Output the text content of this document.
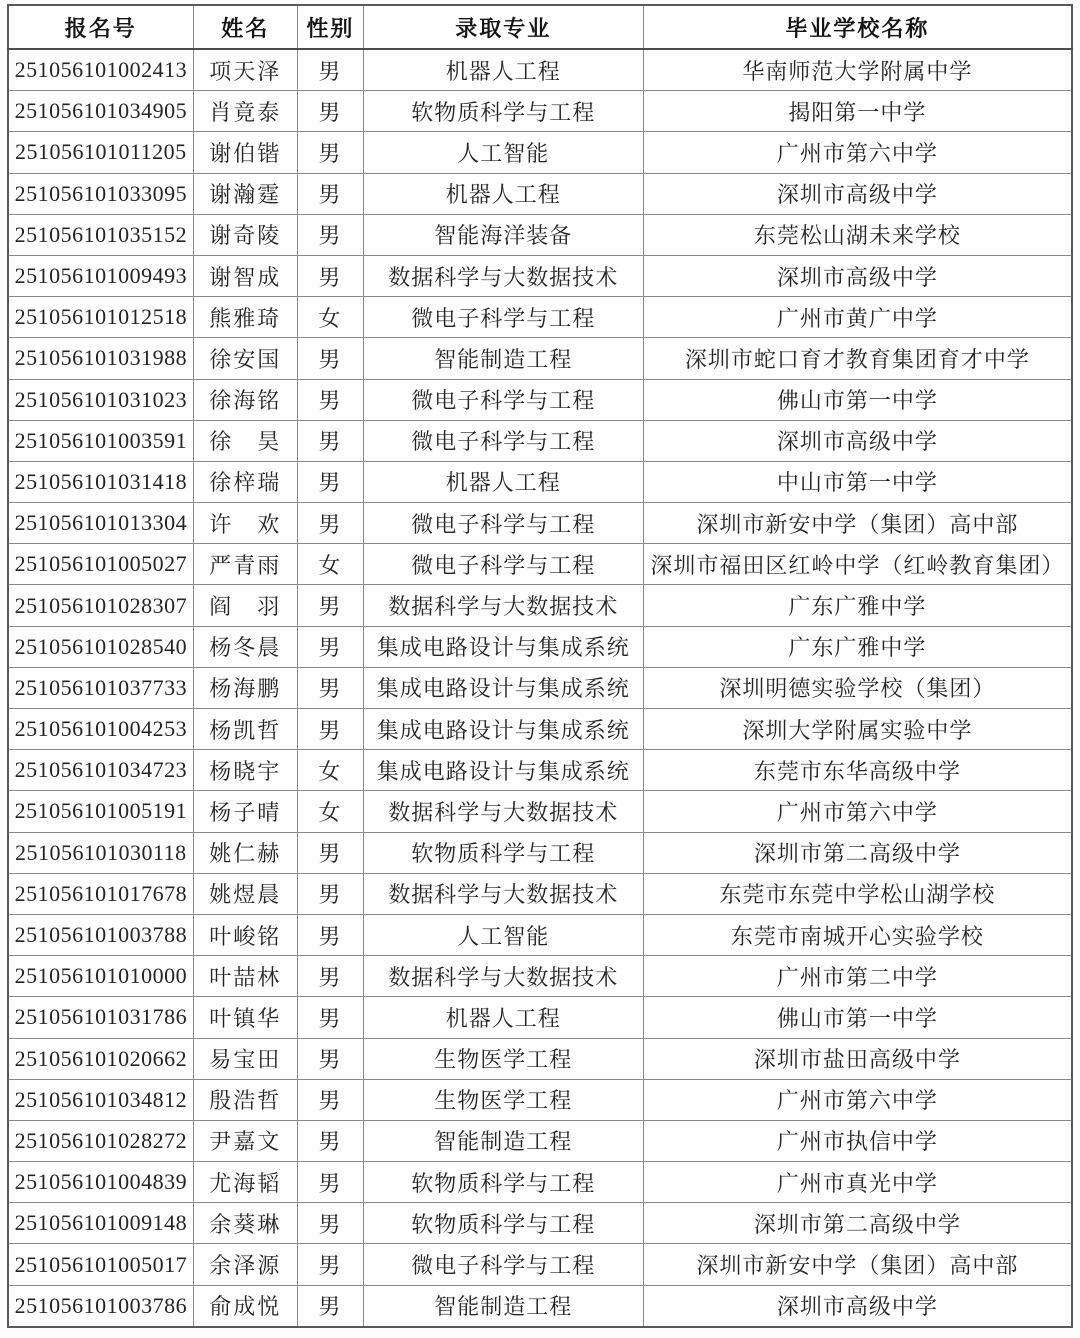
报名号	姓名	性别	录取专业	毕业学校名称
251056101002413	项天泽	男	机器人工程	华南师范大学附属中学
251056101034905	肖竟泰	男	软物质科学与工程	揭阳第一中学
251056101011205	谢伯锴	男	人工智能	广州市第六中学
251056101033095	谢瀚霆	男	机器人工程	深圳市高级中学
251056101035152	谢奇陵	男	智能海洋装备	东莞松山湖未来学校
251056101009493	谢智成	男	数据科学与大数据技术	深圳市高级中学
251056101012518	熊雅琦	女	微电子科学与工程	广州市黄广中学
251056101031988	徐安国	男	智能制造工程	深圳市蛇口育才教育集团育才中学
251056101031023	徐海铭	男	微电子科学与工程	佛山市第一中学
251056101003591	徐　昊	男	微电子科学与工程	深圳市高级中学
251056101031418	徐梓瑞	男	机器人工程	中山市第一中学
251056101013304	许　欢	男	微电子科学与工程	深圳市新安中学（集团）高中部
251056101005027	严青雨	女	微电子科学与工程	深圳市福田区红岭中学（红岭教育集团）
251056101028307	阎　羽	男	数据科学与大数据技术	广东广雅中学
251056101028540	杨冬晨	男	集成电路设计与集成系统	广东广雅中学
251056101037733	杨海鹏	男	集成电路设计与集成系统	深圳明德实验学校（集团）
251056101004253	杨凯哲	男	集成电路设计与集成系统	深圳大学附属实验中学
251056101034723	杨晓宇	女	集成电路设计与集成系统	东莞市东华高级中学
251056101005191	杨子晴	女	数据科学与大数据技术	广州市第六中学
251056101030118	姚仁赫	男	软物质科学与工程	深圳市第二高级中学
251056101017678	姚煜晨	男	数据科学与大数据技术	东莞市东莞中学松山湖学校
251056101003788	叶峻铭	男	人工智能	东莞市南城开心实验学校
251056101010000	叶喆林	男	数据科学与大数据技术	广州市第二中学
251056101031786	叶镇华	男	机器人工程	佛山市第一中学
251056101020662	易宝田	男	生物医学工程	深圳市盐田高级中学
251056101034812	殷浩哲	男	生物医学工程	广州市第六中学
251056101028272	尹嘉文	男	智能制造工程	广州市执信中学
251056101004839	尤海韬	男	软物质科学与工程	广州市真光中学
251056101009148	余葵琳	男	软物质科学与工程	深圳市第二高级中学
251056101005017	余泽源	男	微电子科学与工程	深圳市新安中学（集团）高中部
251056101003786	俞成悦	男	智能制造工程	深圳市高级中学
